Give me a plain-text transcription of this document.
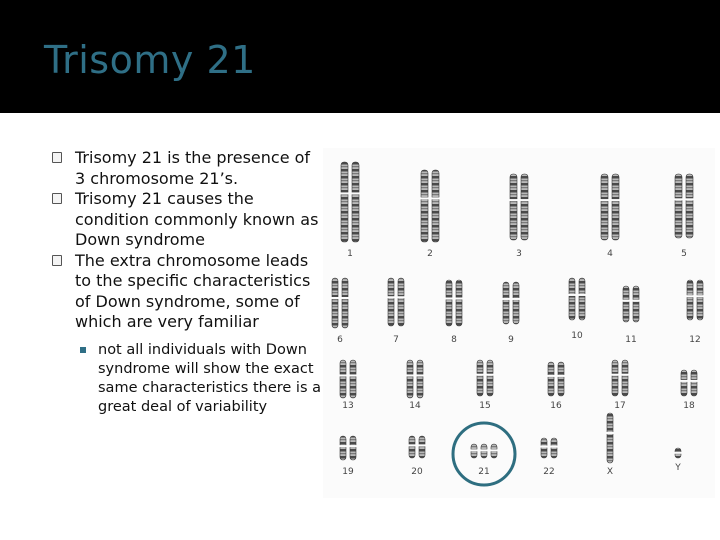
Trisomy 21

Trisomy 21 is the presence of 3 chromosome 21’s.

Trisomy 21 causes the condition commonly known as Down syndrome

The extra chromosome leads to the specific characteristics of Down syndrome, some of which are very familiar

not all individuals with Down syndrome will show the exact same characteristics there is a great deal of variability

1	2	3	4	5
6	7	8	9	10	11	12
13	14	15	16	17	18
19	20	21	22	X	Y
